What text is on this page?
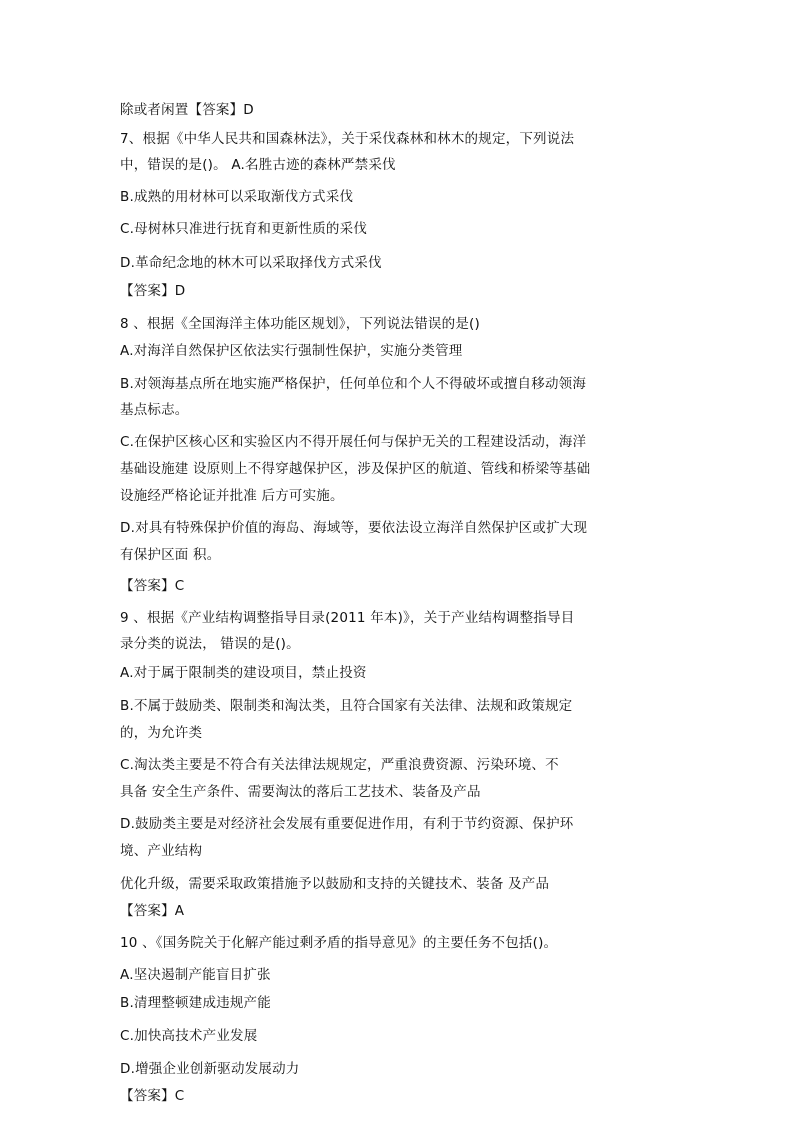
除或者闲置【答案】D
7、根据《中华人民共和国森林法》，关于采伐森林和林木的规定，下列说法
中，错误的是()。 A.名胜古迹的森林严禁采伐
B.成熟的用材林可以采取渐伐方式采伐
C.母树林只准进行抚育和更新性质的采伐
D.革命纪念地的林木可以采取择伐方式采伐
【答案】D
8 、根据《全国海洋主体功能区规划》，下列说法错误的是()
A.对海洋自然保护区依法实行强制性保护，实施分类管理
B.对领海基点所在地实施严格保护，任何单位和个人不得破坏或擅自移动领海
基点标志。
C.在保护区核心区和实验区内不得开展任何与保护无关的工程建设活动，海洋
基础设施建 设原则上不得穿越保护区，涉及保护区的航道、管线和桥梁等基础
设施经严格论证并批准 后方可实施。
D.对具有特殊保护价值的海岛、海域等，要依法设立海洋自然保护区或扩大现
有保护区面 积。
【答案】C
9 、根据《产业结构调整指导目录(2011 年本)》，关于产业结构调整指导目
录分类的说法， 错误的是()。
A.对于属于限制类的建设项目，禁止投资
B.不属于鼓励类、限制类和淘汰类，且符合国家有关法律、法规和政策规定
的，为允许类
C.淘汰类主要是不符合有关法律法规规定，严重浪费资源、污染环境、不
具备 安全生产条件、需要淘汰的落后工艺技术、装备及产品
D.鼓励类主要是对经济社会发展有重要促进作用，有利于节约资源、保护环
境、产业结构
优化升级，需要采取政策措施予以鼓励和支持的关键技术、装备 及产品
【答案】A
10 、《国务院关于化解产能过剩矛盾的指导意见》的主要任务不包括()。
A.坚决遏制产能盲目扩张
B.清理整顿建成违规产能
C.加快高技术产业发展
D.增强企业创新驱动发展动力
【答案】C
